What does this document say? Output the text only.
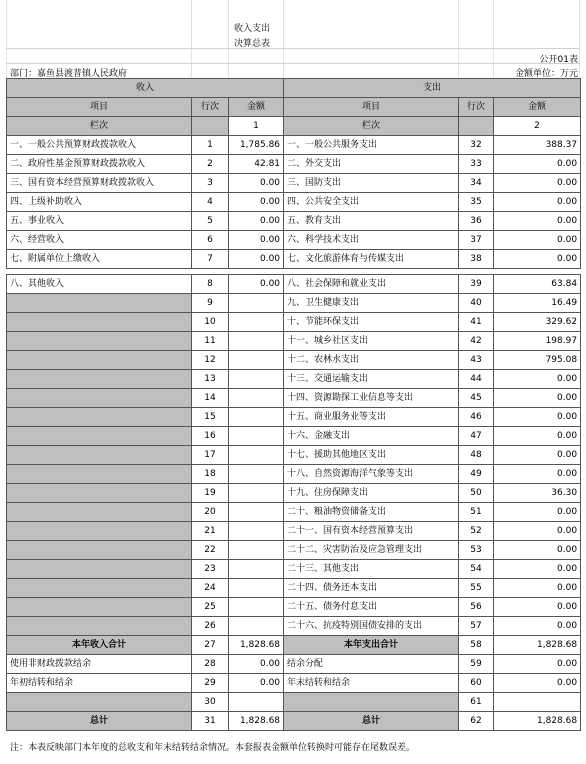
收入支出
决算总表
公开01表
部门：嘉鱼县渡普镇人民政府	金额单位：万元
收入			支出		
项目	行次	金额	项目	行次	金额
栏次		1	栏次		2
一、一般公共预算财政拨款收入	1	1,785.86	一、一般公共服务支出	32	388.37
二、政府性基金预算财政拨款收入	2	42.81	二、外交支出	33	0.00
三、国有资本经营预算财政拨款收入	3	0.00	三、国防支出	34	0.00
四、上级补助收入	4	0.00	四、公共安全支出	35	0.00
五、事业收入	5	0.00	五、教育支出	36	0.00
六、经营收入	6	0.00	六、科学技术支出	37	0.00
七、附属单位上缴收入	7	0.00	七、文化旅游体育与传媒支出	38	0.00

八、其他收入	8	0.00	八、社会保障和就业支出	39	63.84
	9		九、卫生健康支出	40	16.49
	10		十、节能环保支出	41	329.62
	11		十一、城乡社区支出	42	198.97
	12		十二、农林水支出	43	795.08
	13		十三、交通运输支出	44	0.00
	14		十四、资源勘探工业信息等支出	45	0.00
	15		十五、商业服务业等支出	46	0.00
	16		十六、金融支出	47	0.00
	17		十七、援助其他地区支出	48	0.00
	18		十八、自然资源海洋气象等支出	49	0.00
	19		十九、住房保障支出	50	36.30
	20		二十、粮油物资储备支出	51	0.00
	21		二十一、国有资本经营预算支出	52	0.00
	22		二十二、灾害防治及应急管理支出	53	0.00
	23		二十三、其他支出	54	0.00
	24		二十四、债务还本支出	55	0.00
	25		二十五、债务付息支出	56	0.00
	26		二十六、抗疫特别国债安排的支出	57	0.00
本年收入合计	27	1,828.68	本年支出合计	58	1,828.68
使用非财政拨款结余	28	0.00	结余分配	59	0.00
年初结转和结余	29	0.00	年末结转和结余	60	0.00
	30			61	
总计	31	1,828.68	总计	62	1,828.68
注：本表反映部门本年度的总收支和年末结转结余情况。本套报表金额单位转换时可能存在尾数误差。
